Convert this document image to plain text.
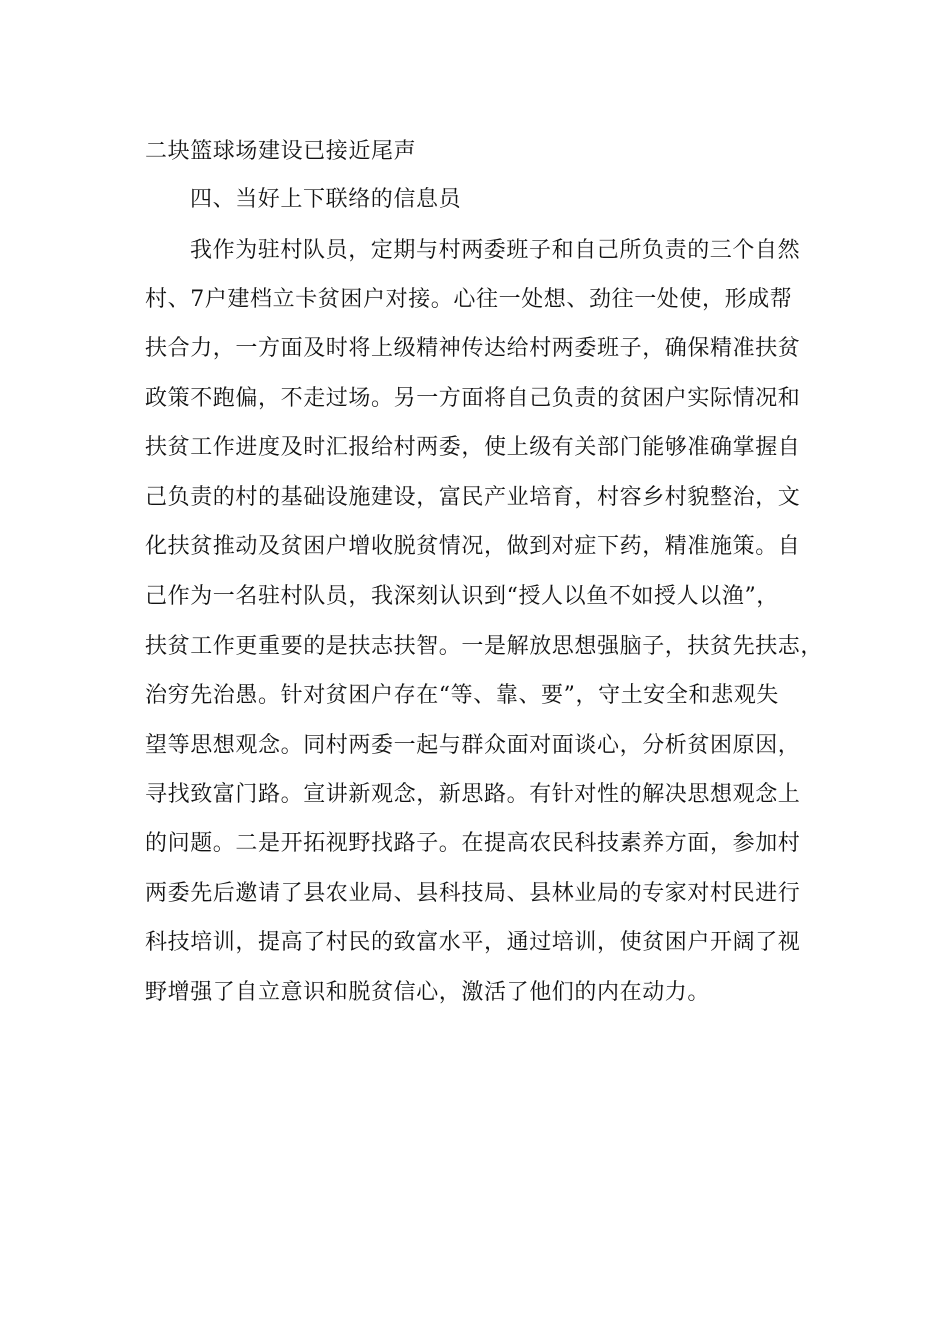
二块篮球场建设已接近尾声
四、当好上下联络的信息员
我作为驻村队员，定期与村两委班子和自己所负责的三个自然
村、7户建档立卡贫困户对接。心往一处想、劲往一处使，形成帮
扶合力，一方面及时将上级精神传达给村两委班子，确保精准扶贫
政策不跑偏，不走过场。另一方面将自己负责的贫困户实际情况和
扶贫工作进度及时汇报给村两委，使上级有关部门能够准确掌握自
己负责的村的基础设施建设，富民产业培育，村容乡村貌整治，文
化扶贫推动及贫困户增收脱贫情况，做到对症下药，精准施策。自
己作为一名驻村队员，我深刻认识到“授人以鱼不如授人以渔”，
扶贫工作更重要的是扶志扶智。一是解放思想强脑子，扶贫先扶志，
治穷先治愚。针对贫困户存在“等、靠、要”，守土安全和悲观失
望等思想观念。同村两委一起与群众面对面谈心，分析贫困原因，
寻找致富门路。宣讲新观念，新思路。有针对性的解决思想观念上
的问题。二是开拓视野找路子。在提高农民科技素养方面，参加村
两委先后邀请了县农业局、县科技局、县林业局的专家对村民进行
科技培训，提高了村民的致富水平，通过培训，使贫困户开阔了视
野增强了自立意识和脱贫信心，激活了他们的内在动力。
